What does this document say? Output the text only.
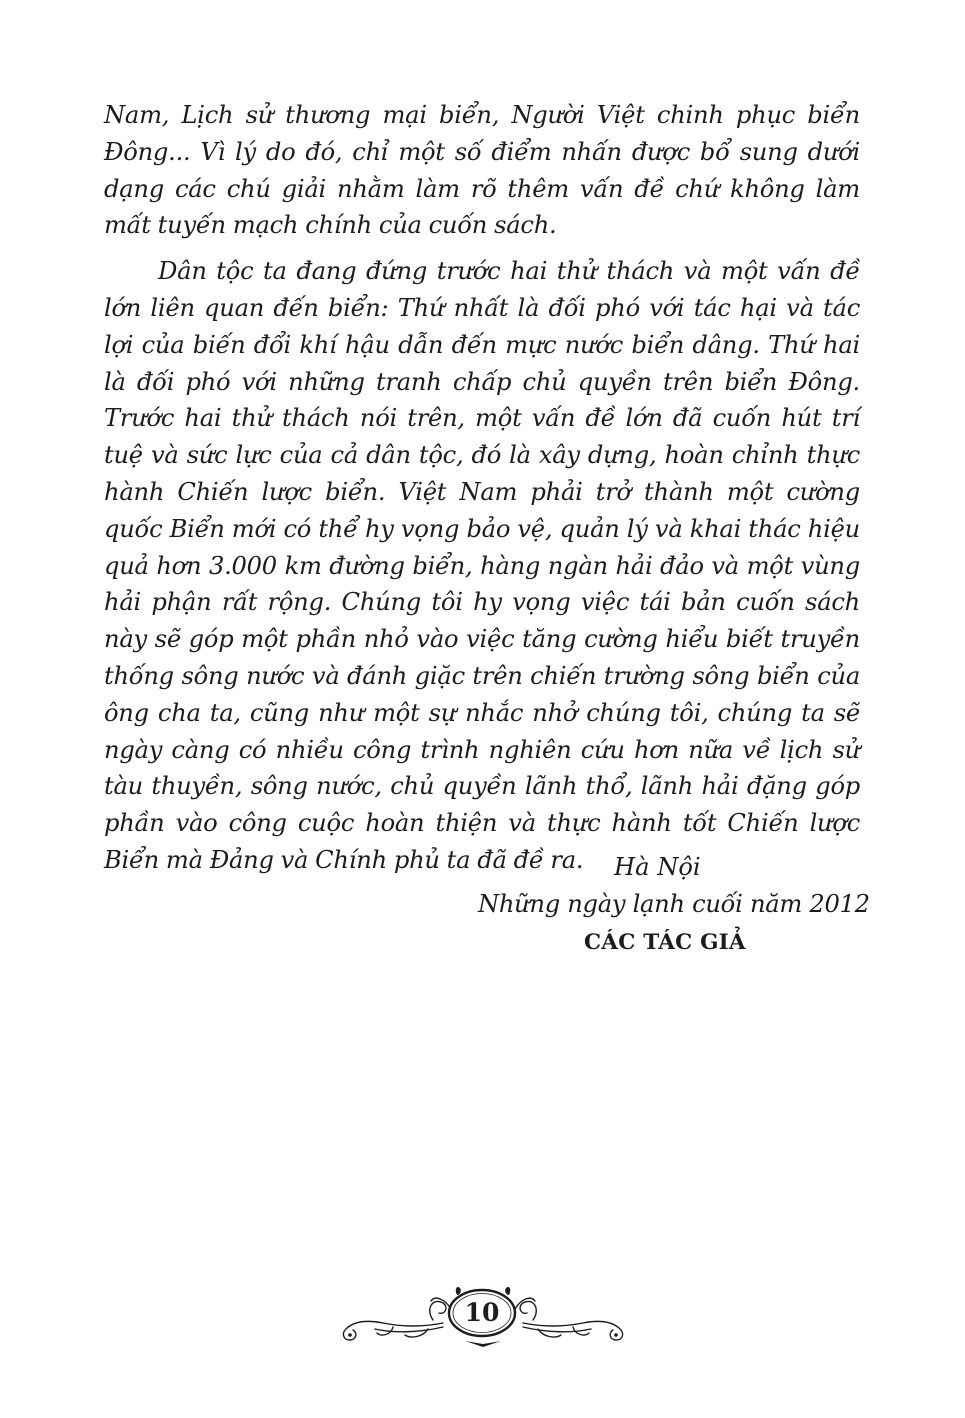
Nam, Lịch sử thương mại biển, Người Việt chinh phục biển Đông... Vì lý do đó, chỉ một số điểm nhấn được bổ sung dưới dạng các chú giải nhằm làm rõ thêm vấn đề chứ không làm mất tuyến mạch chính của cuốn sách.

Dân tộc ta đang đứng trước hai thử thách và một vấn đề lớn liên quan đến biển: Thứ nhất là đối phó với tác hại và tác lợi của biến đổi khí hậu dẫn đến mực nước biển dâng. Thứ hai là đối phó với những tranh chấp chủ quyền trên biển Đông. Trước hai thử thách nói trên, một vấn đề lớn đã cuốn hút trí tuệ và sức lực của cả dân tộc, đó là xây dựng, hoàn chỉnh thực hành Chiến lược biển. Việt Nam phải trở thành một cường quốc Biển mới có thể hy vọng bảo vệ, quản lý và khai thác hiệu quả hơn 3.000 km đường biển, hàng ngàn hải đảo và một vùng hải phận rất rộng. Chúng tôi hy vọng việc tái bản cuốn sách này sẽ góp một phần nhỏ vào việc tăng cường hiểu biết truyền thống sông nước và đánh giặc trên chiến trường sông biển của ông cha ta, cũng như một sự nhắc nhở chúng tôi, chúng ta sẽ ngày càng có nhiều công trình nghiên cứu hơn nữa về lịch sử tàu thuyền, sông nước, chủ quyền lãnh thổ, lãnh hải đặng góp phần vào công cuộc hoàn thiện và thực hành tốt Chiến lược Biển mà Đảng và Chính phủ ta đã đề ra.	Hà Nội
Những ngày lạnh cuối năm 2012
CÁC TÁC GIẢ
10
